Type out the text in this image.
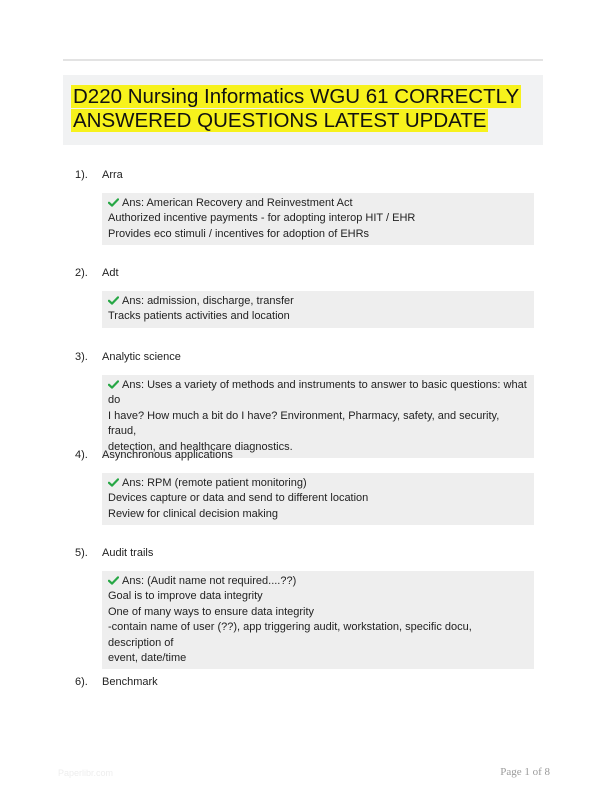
D220 Nursing Informatics WGU 61 CORRECTLY ANSWERED QUESTIONS LATEST UPDATE
1). Arra
Ans: American Recovery and Reinvestment Act
Authorized incentive payments - for adopting interop HIT / EHR
Provides eco stimuli / incentives for adoption of EHRs
2). Adt
Ans: admission, discharge, transfer
Tracks patients activities and location
3). Analytic science
Ans: Uses a variety of methods and instruments to answer to basic questions: what do
I have? How much a bit do I have? Environment, Pharmacy, safety, and security, fraud,
detection, and healthcare diagnostics.
4). Asynchronous applications
Ans: RPM (remote patient monitoring)
Devices capture or data and send to different location
Review for clinical decision making
5). Audit trails
Ans: (Audit name not required....??)
Goal is to improve data integrity
One of many ways to ensure data integrity
-contain name of user (??), app triggering audit, workstation, specific docu, description of
event, date/time
6). Benchmark
Paperlibr.com	Page 1 of 8
